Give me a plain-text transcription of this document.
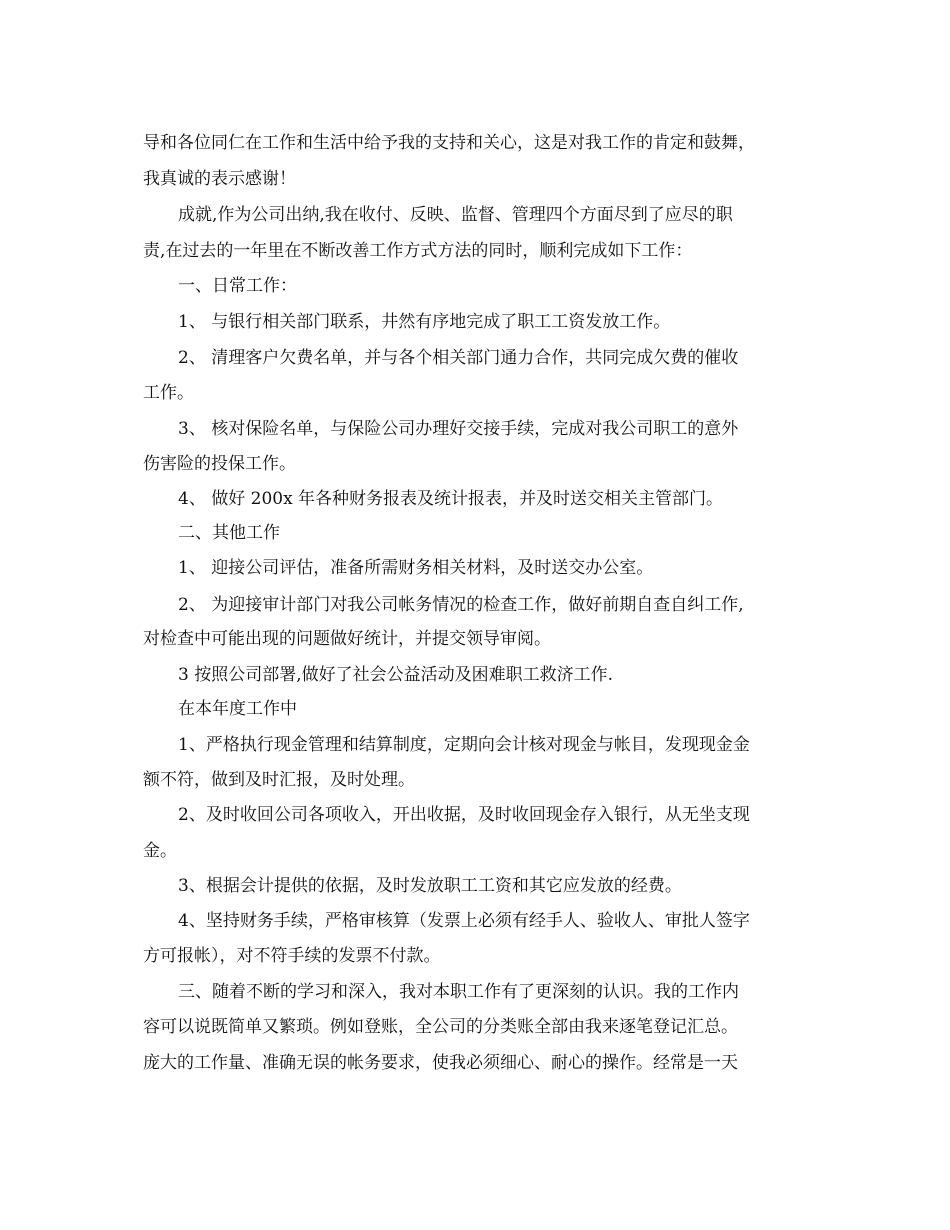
导和各位同仁在工作和生活中给予我的支持和关心，这是对我工作的肯定和鼓舞，
我真诚的表示感谢！
成就,作为公司出纳,我在收付、反映、监督、管理四个方面尽到了应尽的职
责,在过去的一年里在不断改善工作方式方法的同时，顺利完成如下工作：
一、日常工作：
1、 与银行相关部门联系，井然有序地完成了职工工资发放工作。
2、 清理客户欠费名单，并与各个相关部门通力合作，共同完成欠费的催收
工作。
3、 核对保险名单，与保险公司办理好交接手续，完成对我公司职工的意外
伤害险的投保工作。
4、 做好 200x 年各种财务报表及统计报表，并及时送交相关主管部门。
二、其他工作
1、 迎接公司评估，准备所需财务相关材料，及时送交办公室。
2、 为迎接审计部门对我公司帐务情况的检查工作，做好前期自查自纠工作,
对检查中可能出现的问题做好统计，并提交领导审阅。
3 按照公司部署,做好了社会公益活动及困难职工救济工作.
在本年度工作中
1、严格执行现金管理和结算制度，定期向会计核对现金与帐目，发现现金金
额不符，做到及时汇报，及时处理。
2、及时收回公司各项收入，开出收据，及时收回现金存入银行，从无坐支现
金。
3、根据会计提供的依据，及时发放职工工资和其它应发放的经费。
4、坚持财务手续，严格审核算（发票上必须有经手人、验收人、审批人签字
方可报帐），对不符手续的发票不付款。
三、随着不断的学习和深入，我对本职工作有了更深刻的认识。我的工作内
容可以说既简单又繁琐。例如登账，全公司的分类账全部由我来逐笔登记汇总。
庞大的工作量、准确无误的帐务要求，使我必须细心、耐心的操作。经常是一天
